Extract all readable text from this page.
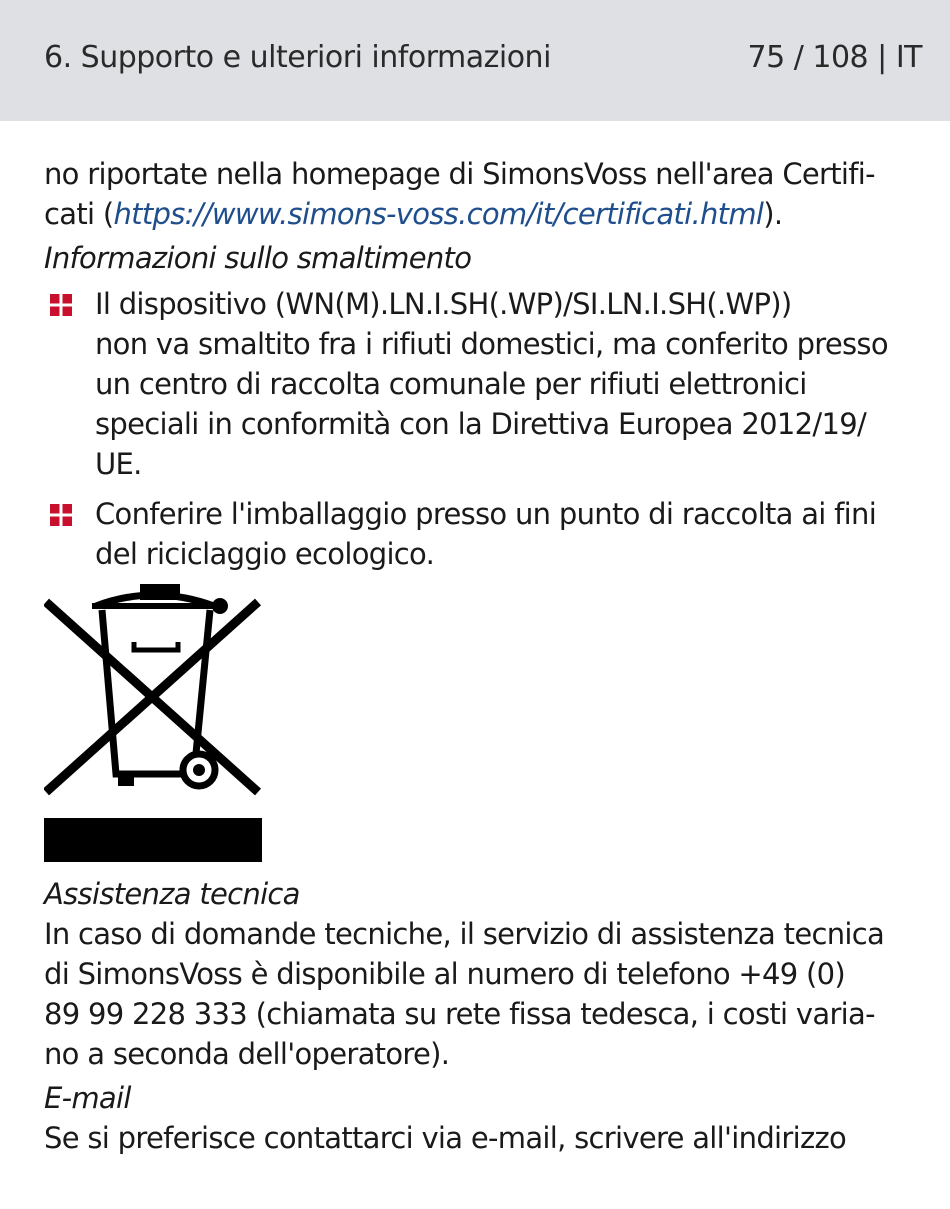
6. Supporto e ulteriori informazioni	75 / 108 | IT
no riportate nella homepage di SimonsVoss nell'area Certifi-
cati (https://www.simons-voss.com/it/certificati.html).
Informazioni sullo smaltimento
Il dispositivo (WN(M).LN.I.SH(.WP)/SI.LN.I.SH(.WP))
non va smaltito fra i rifiuti domestici, ma conferito presso
un centro di raccolta comunale per rifiuti elettronici
speciali in conformità con la Direttiva Europea 2012/19/
UE.
Conferire l'imballaggio presso un punto di raccolta ai fini
del riciclaggio ecologico.
Assistenza tecnica
In caso di domande tecniche, il servizio di assistenza tecnica
di SimonsVoss è disponibile al numero di telefono +49 (0)
89 99 228 333 (chiamata su rete fissa tedesca, i costi varia-
no a seconda dell'operatore).
E-mail
Se si preferisce contattarci via e-mail, scrivere all'indirizzo
